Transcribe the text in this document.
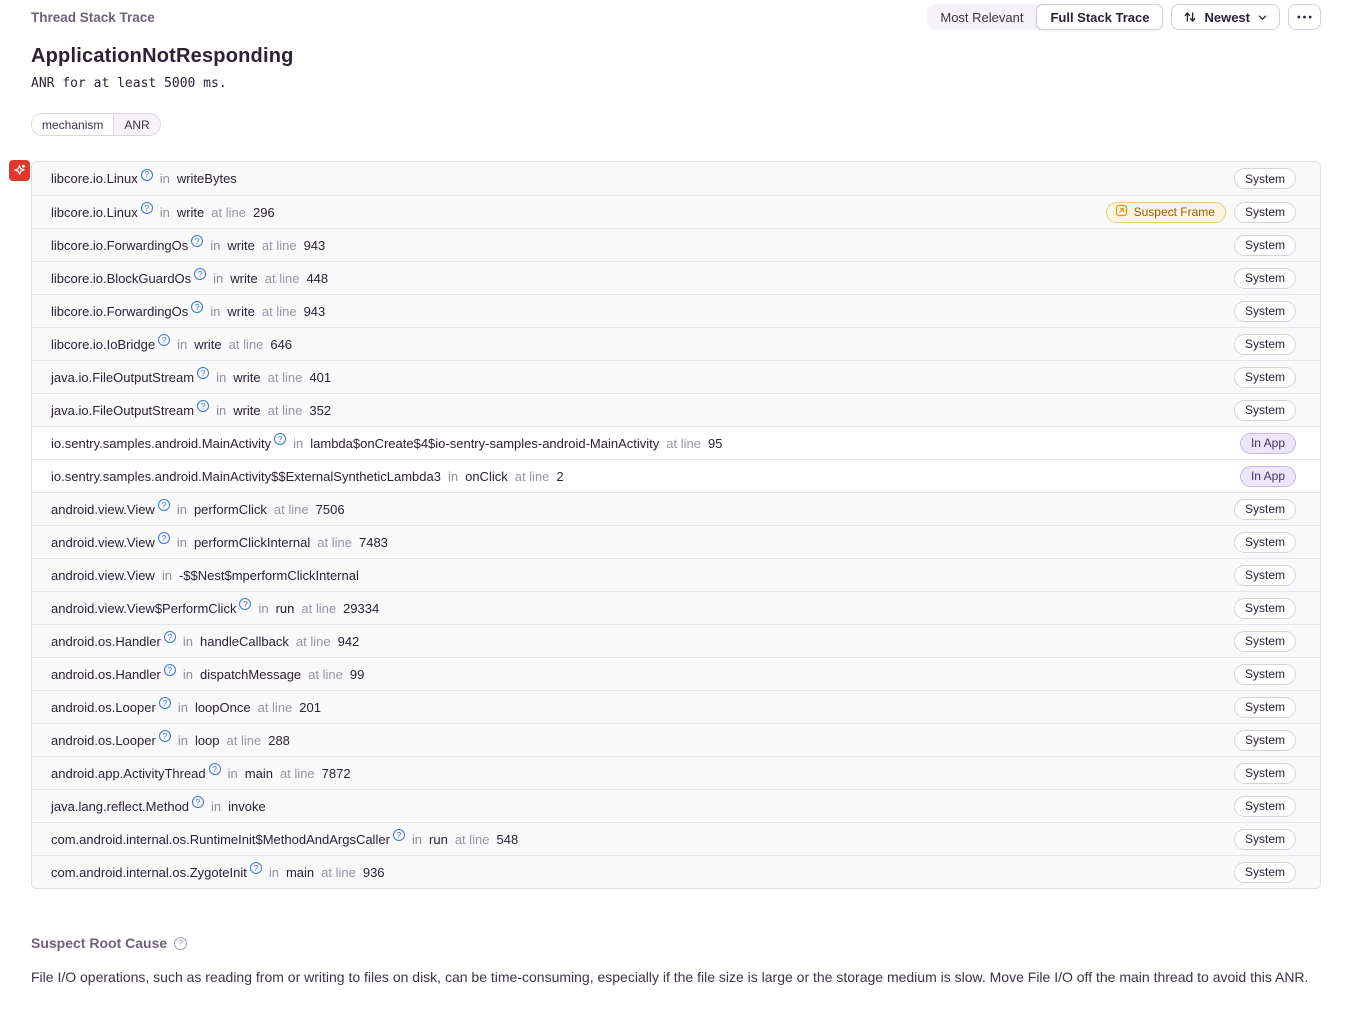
Thread Stack Trace	Most Relevant	Full Stack Trace	Newest
ApplicationNotResponding
ANR for at least 5000 ms.
mechanism	ANR
libcore.io.Linux ? in writeBytes	System
libcore.io.Linux ? in write at line 296	Suspect Frame	System
libcore.io.ForwardingOs ? in write at line 943	System
libcore.io.BlockGuardOs ? in write at line 448	System
libcore.io.ForwardingOs ? in write at line 943	System
libcore.io.IoBridge ? in write at line 646	System
java.io.FileOutputStream ? in write at line 401	System
java.io.FileOutputStream ? in write at line 352	System
io.sentry.samples.android.MainActivity ? in lambda$onCreate$4$io-sentry-samples-android-MainActivity at line 95	In App
io.sentry.samples.android.MainActivity$$ExternalSyntheticLambda3 in onClick at line 2	In App
android.view.View ? in performClick at line 7506	System
android.view.View ? in performClickInternal at line 7483	System
android.view.View in -$$Nest$mperformClickInternal	System
android.view.View$PerformClick ? in run at line 29334	System
android.os.Handler ? in handleCallback at line 942	System
android.os.Handler ? in dispatchMessage at line 99	System
android.os.Looper ? in loopOnce at line 201	System
android.os.Looper ? in loop at line 288	System
android.app.ActivityThread ? in main at line 7872	System
java.lang.reflect.Method ? in invoke	System
com.android.internal.os.RuntimeInit$MethodAndArgsCaller ? in run at line 548	System
com.android.internal.os.ZygoteInit ? in main at line 936	System
Suspect Root Cause	?
File I/O operations, such as reading from or writing to files on disk, can be time-consuming, especially if the file size is large or the storage medium is slow. Move File I/O off the main thread to avoid this ANR.
